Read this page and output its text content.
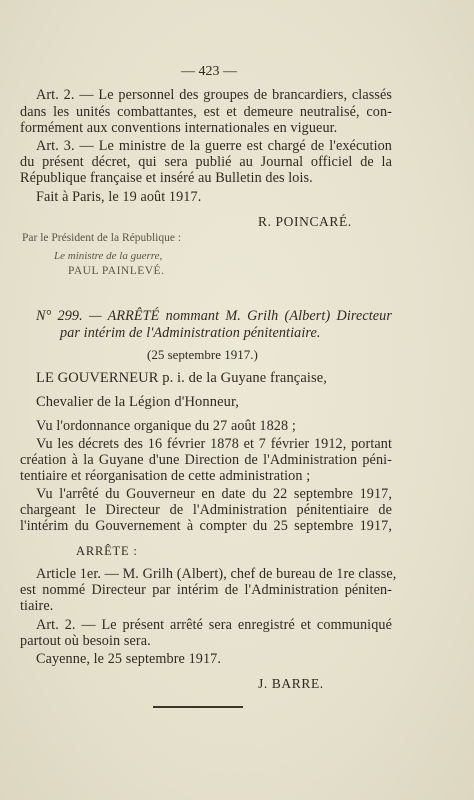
— 423 —
Art. 2. — Le personnel des groupes de brancardiers, classés
dans les unités combattantes, est et demeure neutralisé, con-
formément aux conventions internationales en vigueur.
Art. 3. — Le ministre de la guerre est chargé de l'exécution
du présent décret, qui sera publié au Journal officiel de la
République française et inséré au Bulletin des lois.
Fait à Paris, le 19 août 1917.
R. POINCARÉ.
Par le Président de la République :
Le ministre de la guerre,
PAUL PAINLEVÉ.
N° 299. — ARRÊTÉ nommant M. Grilh (Albert) Directeur
par intérim de l'Administration pénitentiaire.
(25 septembre 1917.)
LE GOUVERNEUR p. i. de la Guyane française,
Chevalier de la Légion d'Honneur,
Vu l'ordonnance organique du 27 août 1828 ;
Vu les décrets des 16 février 1878 et 7 février 1912, portant
création à la Guyane d'une Direction de l'Administration péni-
tentiaire et réorganisation de cette administration ;
Vu l'arrêté du Gouverneur en date du 22 septembre 1917,
chargeant le Directeur de l'Administration pénitentiaire de
l'intérim du Gouvernement à compter du 25 septembre 1917,
ARRÊTE :
Article 1er. — M. Grilh (Albert), chef de bureau de 1re classe,
est nommé Directeur par intérim de l'Administration péniten-
tiaire.
Art. 2. — Le présent arrêté sera enregistré et communiqué
partout où besoin sera.
Cayenne, le 25 septembre 1917.
J. BARRE.
